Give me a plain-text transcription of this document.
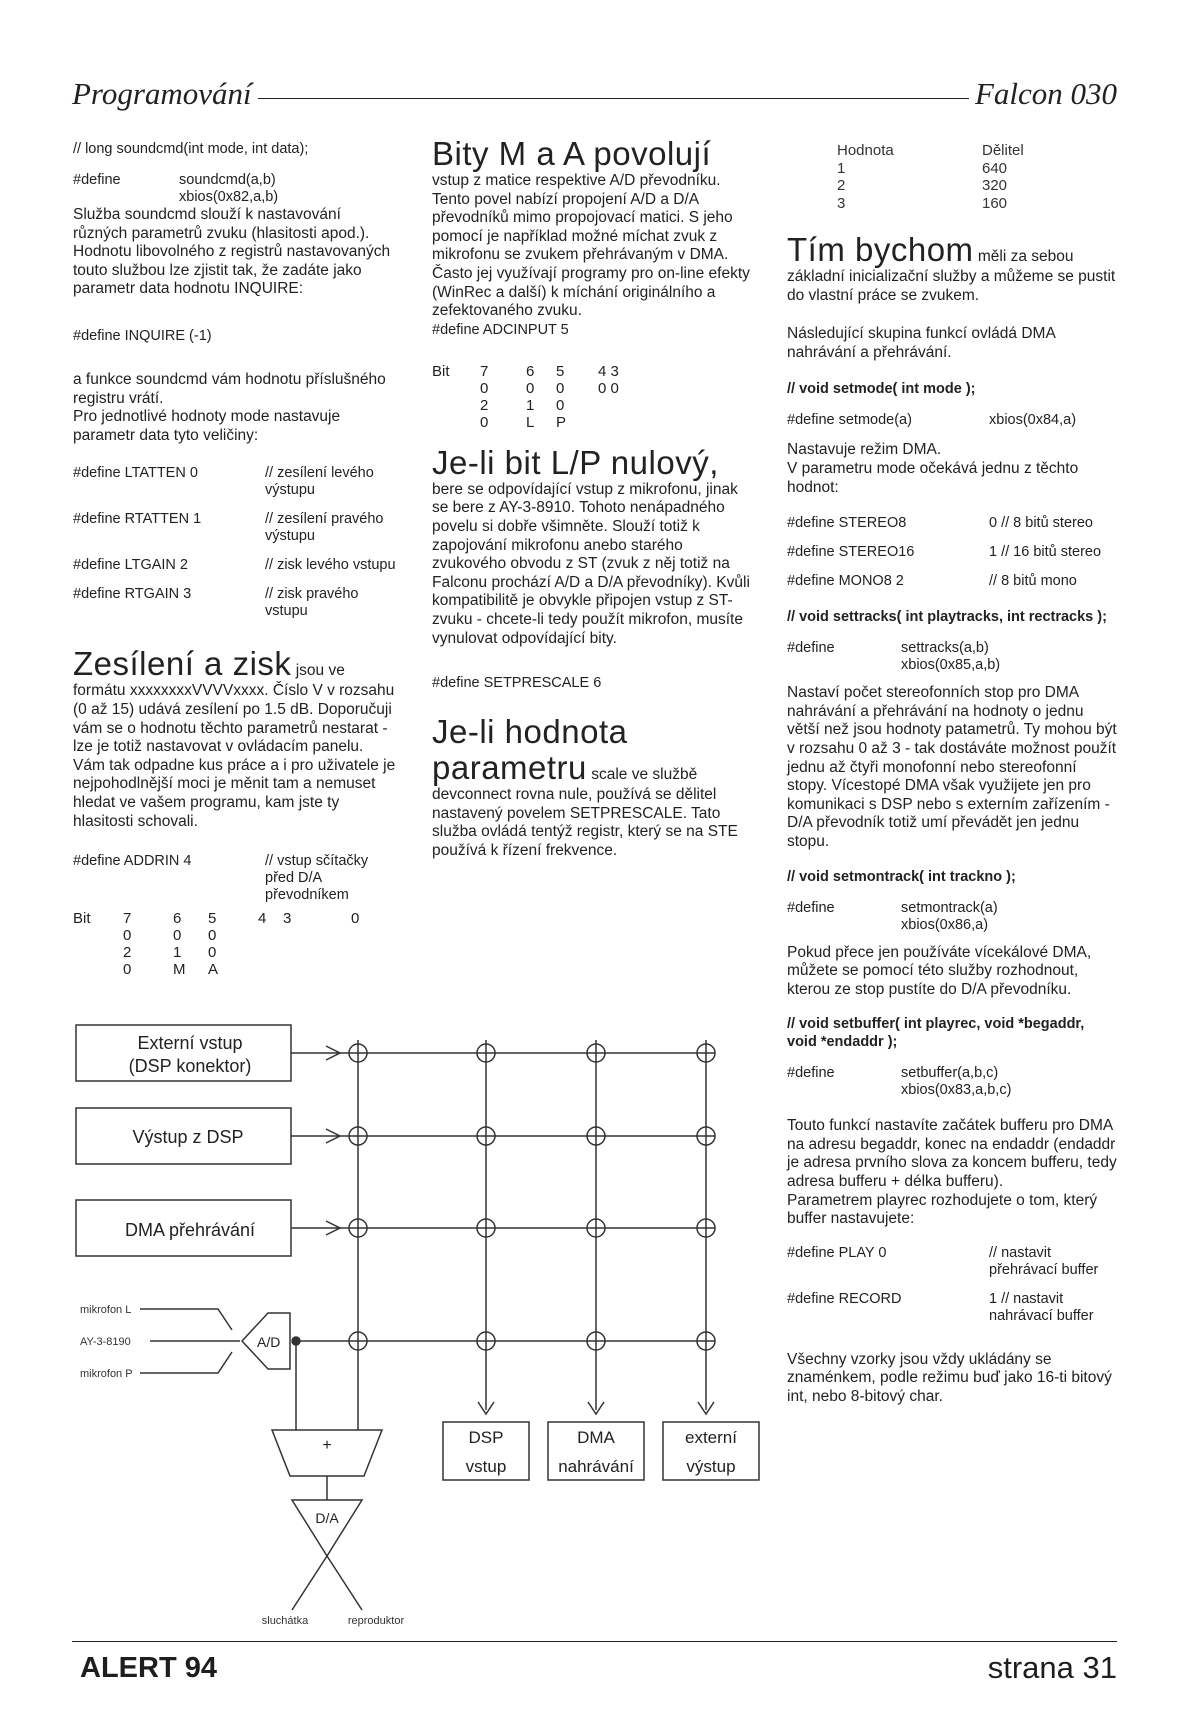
Programování	Falcon 030
// long soundcmd(int mode, int data);
#define	soundcmd(a,b)
xbios(0x82,a,b)

Služba soundcmd slouží k nastavování různých parametrů zvuku (hlasitosti apod.).

Hodnotu libovolného z registrů nastavovaných touto službou lze zjistit tak, že zadáte jako parametr data hodnotu INQUIRE:

#define INQUIRE (-1)

a funkce soundcmd vám hodnotu příslušného registru vrátí.

Pro jednotlivé hodnoty mode nastavuje parametr data tyto veličiny:

#define LTATTEN 0	// zesílení levého výstupu
#define RTATTEN 1	// zesílení pravého výstupu
#define LTGAIN 2	// zisk levého vstupu
#define RTGAIN 3	// zisk pravého vstupu

Zesílení a zisk jsou ve formátu xxxxxxxxVVVVxxxx. Číslo V v rozsahu (0 až 15) udává zesílení po 1.5 dB. Doporučuji vám se o hodnotu těchto parametrů nestarat - lze je totiž nastavovat v ovládacím panelu. Vám tak odpadne kus práce a i pro uživatele je nejpohodlnější moci je měnit tam a nemuset hledat ve vašem programu, kam jste ty hlasitosti schovali.

#define ADDRIN 4	// vstup sčítačky před D/A převodníkem
Bit	7	6	5	4	3	0
0	0	0
2	1	0
0	M	A
Bity M a A povolují

vstup z matice respektive A/D převodníku. Tento povel nabízí propojení A/D a D/A převodníků mimo propojovací matici. S jeho pomocí je například možné míchat zvuk z mikrofonu se zvukem přehrávaným v DMA. Často jej využívají programy pro on-line efekty (WinRec a další) k míchání originálního a zefektovaného zvuku.

#define ADCINPUT 5
Bit	7	6	5	4 3
0	0	0	0 0
2	1	0
0	L	P
Je-li bit L/P nulový,

bere se odpovídající vstup z mikrofonu, jinak se bere z AY-3-8910. Tohoto nenápadného povelu si dobře všimněte. Slouží totiž k zapojování mikrofonu anebo starého zvukového obvodu z ST (zvuk z něj totiž na Falconu prochází A/D a D/A převodníky). Kvůli kompatibilitě je obvykle připojen vstup z ST-zvuku - chcete-li tedy použít mikrofon, musíte vynulovat odpovídající bity.

#define SETPRESCALE 6

Je-li hodnota parametru scale ve službě devconnect rovna nule, používá se dělitel nastavený povelem SETPRESCALE. Tato služba ovládá tentýž registr, který se na STE používá k řízení frekvence.

Hodnota	Dělitel
1	640
2	320
3	160

Tím bychom měli za sebou základní inicializační služby a můžeme se pustit do vlastní práce se zvukem.

Následující skupina funkcí ovládá DMA nahrávání a přehrávání.

// void setmode( int mode );
#define setmode(a)	xbios(0x84,a)

Nastavuje režim DMA.

V parametru mode očekává jednu z těchto hodnot:

#define STEREO8	0 // 8 bitů stereo
#define STEREO16	1 // 16 bitů stereo
#define MONO8 2	// 8 bitů mono
// void settracks( int playtracks, int rectracks );
#define	settracks(a,b)
xbios(0x85,a,b)

Nastaví počet stereofonních stop pro DMA nahrávání a přehrávání na hodnoty o jednu větší než jsou hodnoty patametrů. Ty mohou být v rozsahu 0 až 3 - tak dostáváte možnost použít jednu až čtyři monofonní nebo stereofonní stopy. Vícestopé DMA však využijete jen pro komunikaci s DSP nebo s externím zařízením - D/A převodník totiž umí převádět jen jednu stopu.

// void setmontrack( int trackno );
#define	setmontrack(a)
xbios(0x86,a)

Pokud přece jen používáte vícekálové DMA, můžete se pomocí této služby rozhodnout, kterou ze stop pustíte do D/A převodníku.

// void setbuffer( int playrec, void *begaddr, void *endaddr );
#define	setbuffer(a,b,c)
xbios(0x83,a,b,c)

Touto funkcí nastavíte začátek bufferu pro DMA na adresu begaddr, konec na endaddr (endaddr je adresa prvního slova za koncem bufferu, tedy adresa bufferu + délka bufferu).

Parametrem playrec rozhodujete o tom, který buffer nastavujete:

#define PLAY 0	// nastavit přehrávací buffer
#define RECORD	1 // nastavit nahrávací buffer

Všechny vzorky jsou vždy ukládány se znaménkem, podle režimu buď jako 16-ti bitový int, nebo 8-bitový char.

Externí vstup
(DSP konektor)
Výstup z DSP
DMA přehrávání
mikrofon L
AY-3-8190
mikrofon P
A/D
+
D/A
sluchátka	reproduktor
DSP
vstup
DMA
nahrávání
externí
výstup
ALERT 94	strana 31
